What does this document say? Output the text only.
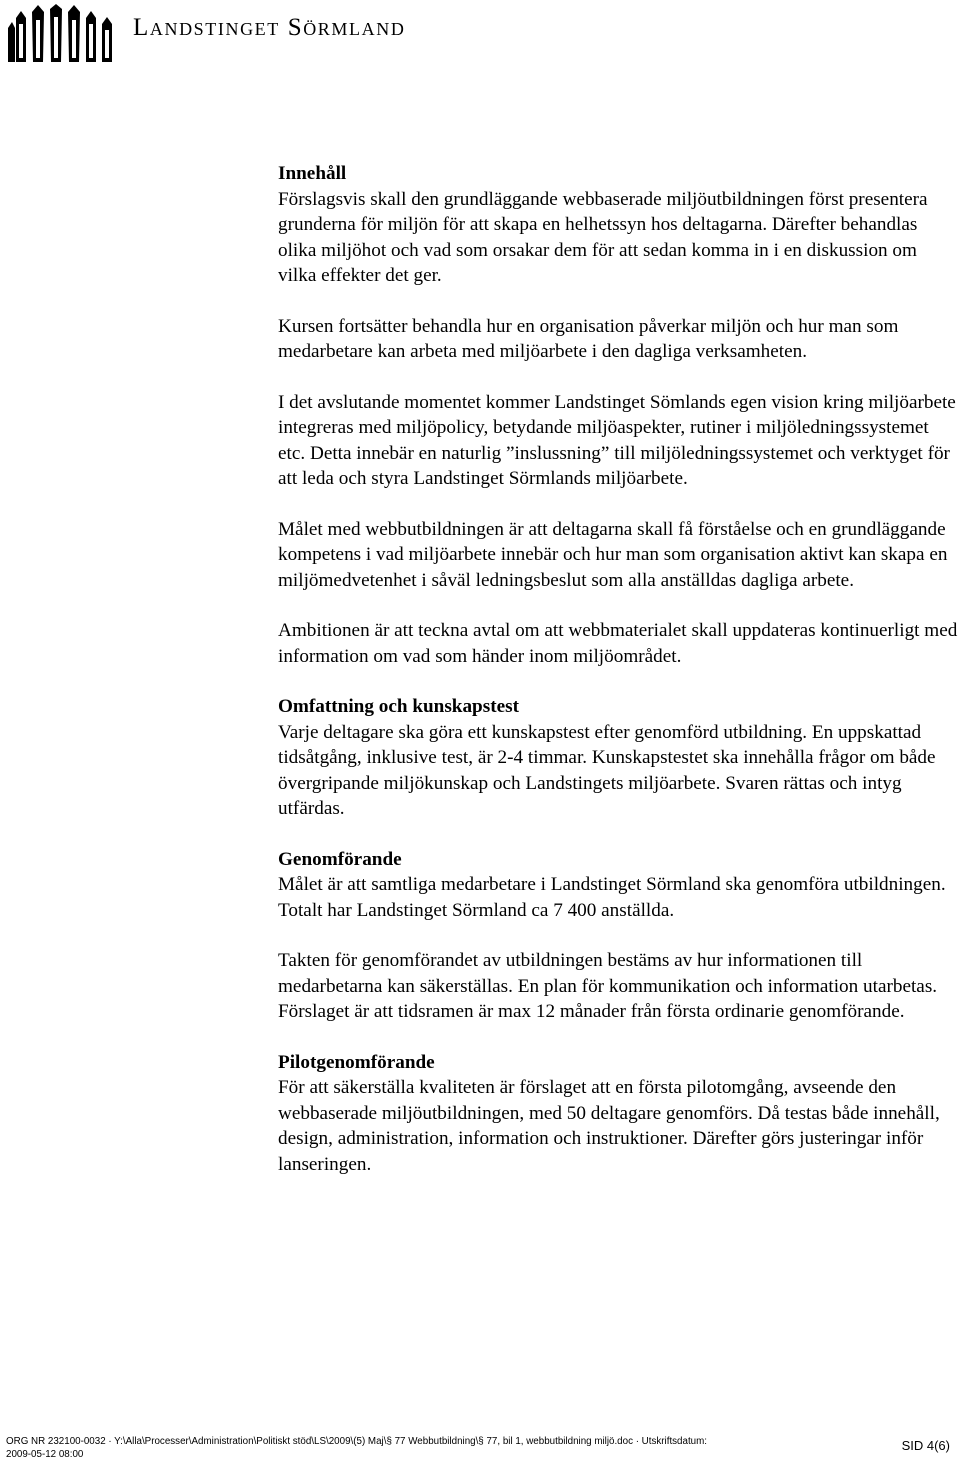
Landstinget Sörmland
Innehåll

Förslagsvis skall den grundläggande webbaserade miljöutbildningen först presentera grunderna för miljön för att skapa en helhetssyn hos deltagarna. Därefter behandlas olika miljöhot och vad som orsakar dem för att sedan komma in i en diskussion om vilka effekter det ger.

Kursen fortsätter behandla hur en organisation påverkar miljön och hur man som medarbetare kan arbeta med miljöarbete i den dagliga verksamheten.

I det avslutande momentet kommer Landstinget Sömlands egen vision kring miljöarbete integreras med miljöpolicy, betydande miljöaspekter, rutiner i miljöledningssystemet etc. Detta innebär en naturlig ”inslussning” till miljöledningssystemet och verktyget för att leda och styra Landstinget Sörmlands miljöarbete.

Målet med webbutbildningen är att deltagarna skall få förståelse och en grundläggande kompetens i vad miljöarbete innebär och hur man som organisation aktivt kan skapa en miljömedvetenhet i såväl ledningsbeslut som alla anställdas dagliga arbete.

Ambitionen är att teckna avtal om att webbmaterialet skall uppdateras kontinuerligt med information om vad som händer inom miljöområdet.

Omfattning och kunskapstest

Varje deltagare ska göra ett kunskapstest efter genomförd utbildning. En uppskattad tidsåtgång, inklusive test, är 2-4 timmar. Kunskapstestet ska innehålla frågor om både övergripande miljökunskap och Landstingets miljöarbete. Svaren rättas och intyg utfärdas.

Genomförande

Målet är att samtliga medarbetare i Landstinget Sörmland ska genomföra utbildningen. Totalt har Landstinget Sörmland ca 7 400 anställda.

Takten för genomförandet av utbildningen bestäms av hur informationen till medarbetarna kan säkerställas. En plan för kommunikation och information utarbetas. Förslaget är att tidsramen är max 12 månader från första ordinarie genomförande.

Pilotgenomförande

För att säkerställa kvaliteten är förslaget att en första pilotomgång, avseende den webbaserade miljöutbildningen, med 50 deltagare genomförs. Då testas både innehåll, design, administration, information och instruktioner. Därefter görs justeringar inför lanseringen.

ORG NR 232100-0032 · Y:\Alla\Processer\Administration\Politiskt stöd\LS\2009\(5) Maj\§ 77 Webbutbildning\§ 77, bil 1, webbutbildning miljö.doc · Utskriftsdatum: 2009-05-12 08:00
SID 4(6)
